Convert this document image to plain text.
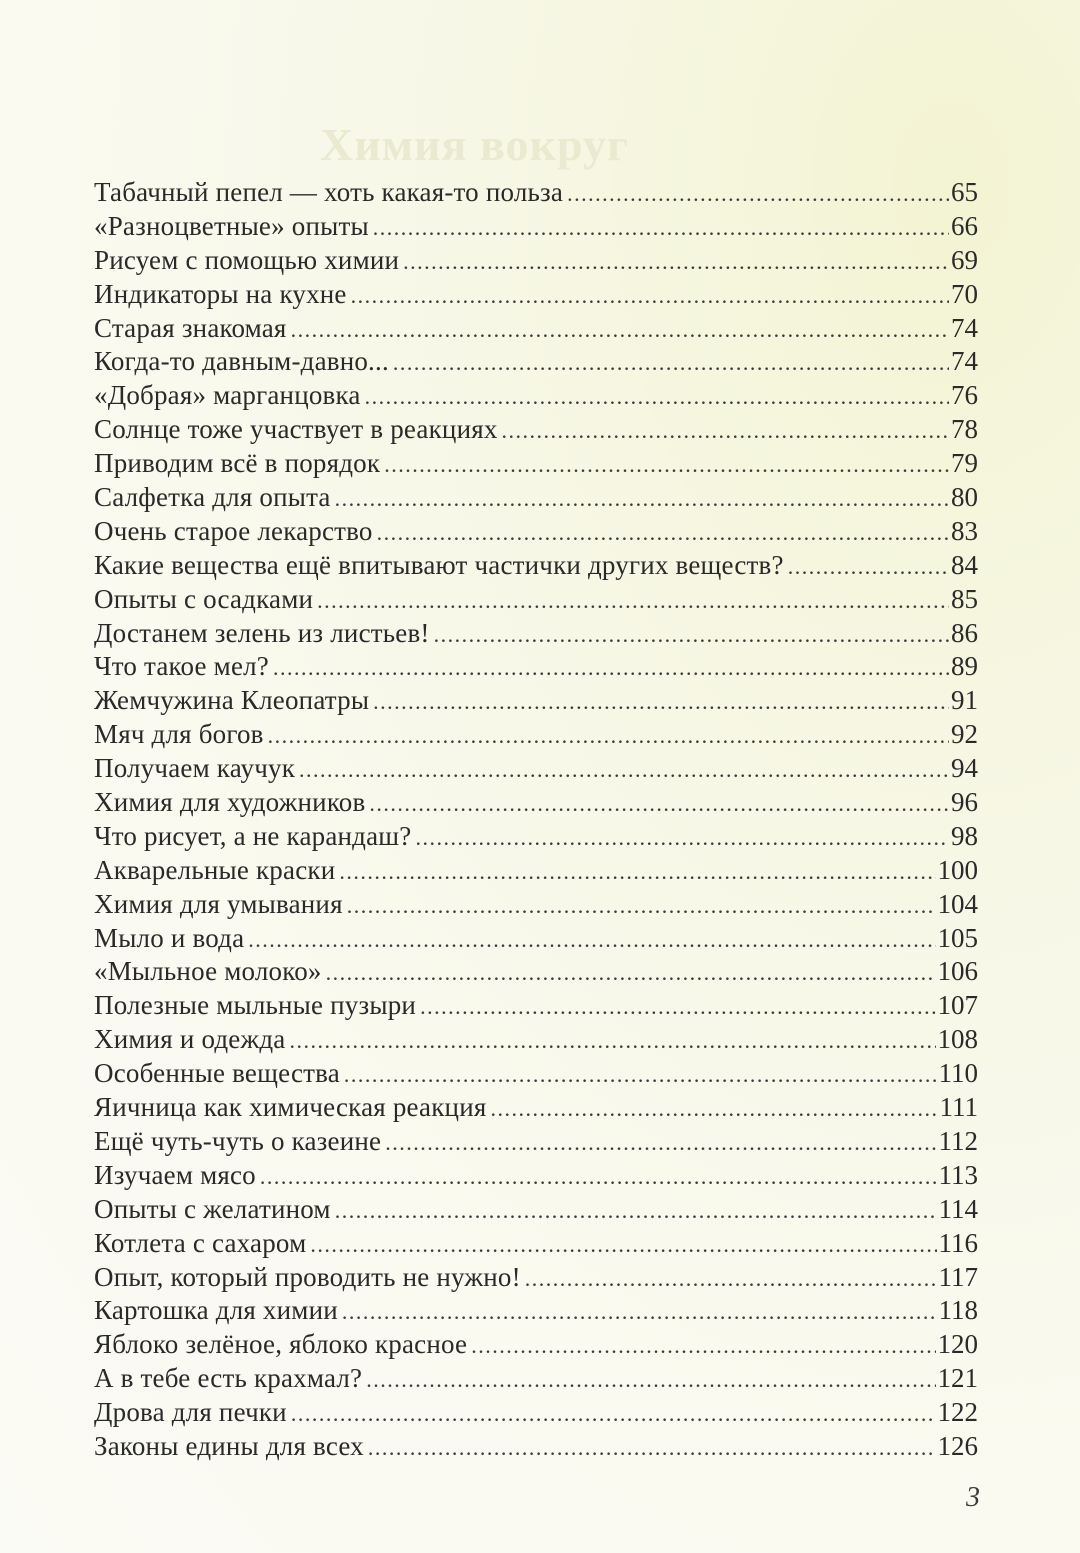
Химия вокруг
Табачный пепел — хоть какая-то польза .....	65
«Разноцветные» опыты .....	66
Рисуем с помощью химии .....	69
Индикаторы на кухне .....	70
Старая знакомая .....	74
Когда-то давным-давно... .....	74
«Добрая» марганцовка .....	76
Солнце тоже участвует в реакциях .....	78
Приводим всё в порядок .....	79
Салфетка для опыта .....	80
Очень старое лекарство .....	83
Какие вещества ещё впитывают частички других веществ? .....	84
Опыты с осадками .....	85
Достанем зелень из листьев! .....	86
Что такое мел? .....	89
Жемчужина Клеопатры .....	91
Мяч для богов .....	92
Получаем каучук .....	94
Химия для художников .....	96
Что рисует, а не карандаш? .....	98
Акварельные краски .....	100
Химия для умывания .....	104
Мыло и вода .....	105
«Мыльное молоко» .....	106
Полезные мыльные пузыри .....	107
Химия и одежда .....	108
Особенные вещества .....	110
Яичница как химическая реакция .....	111
Ещё чуть-чуть о казеине .....	112
Изучаем мясо .....	113
Опыты с желатином .....	114
Котлета с сахаром .....	116
Опыт, который проводить не нужно! .....	117
Картошка для химии .....	118
Яблоко зелёное, яблоко красное .....	120
А в тебе есть крахмал? .....	121
Дрова для печки .....	122
Законы едины для всех .....	126
3
